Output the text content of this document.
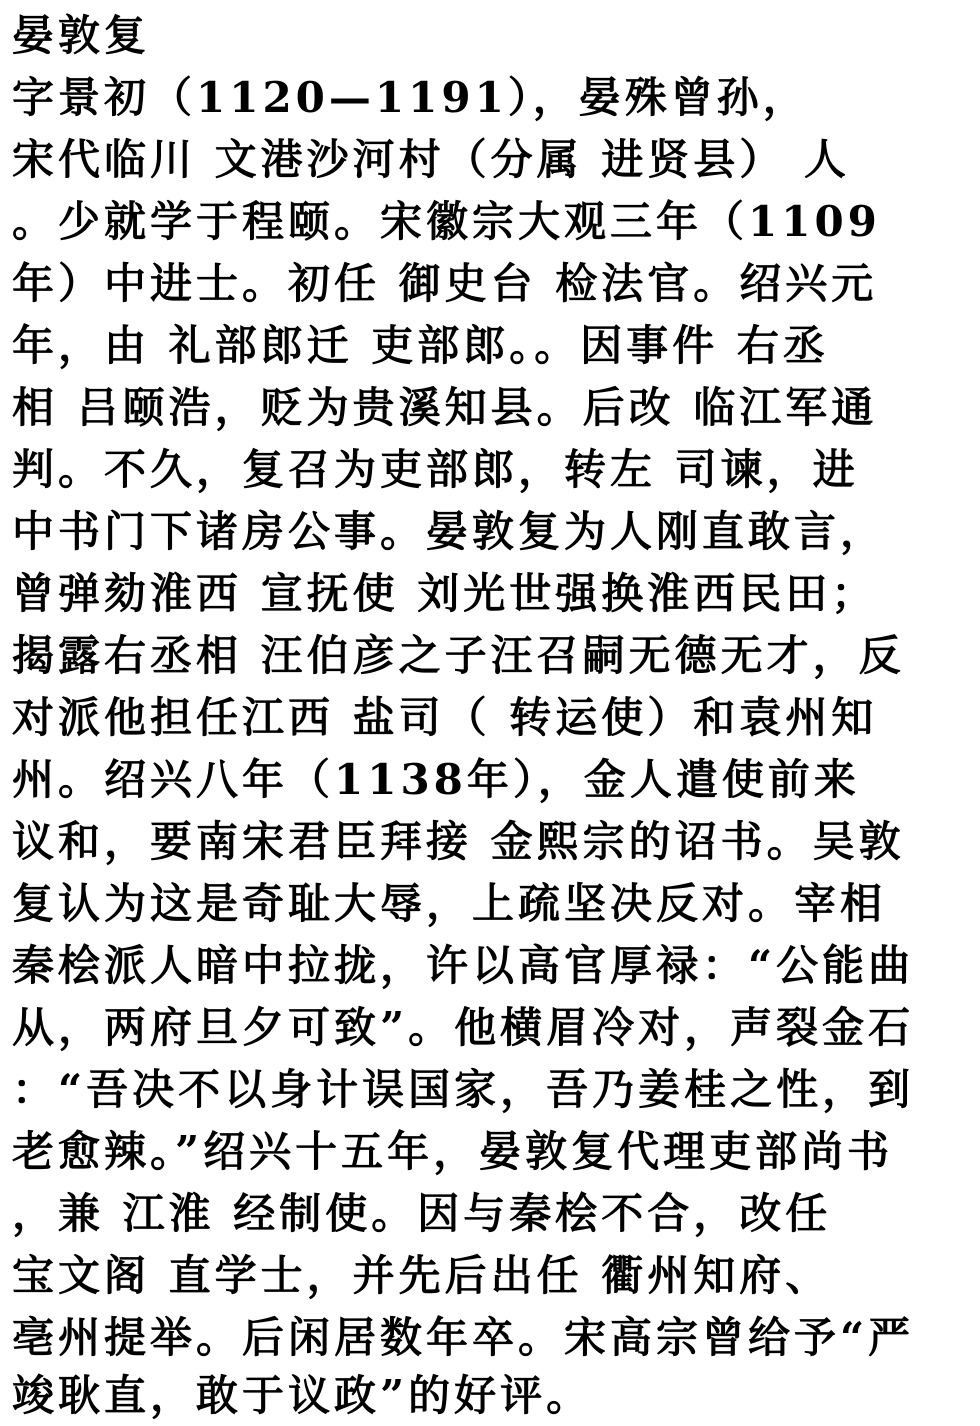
晏敦复
字景初（1120—1191），晏殊曾孙，
宋代临川 文港沙河村（分属 进贤县） 人
。少就学于程颐。宋徽宗大观三年（1109
年）中进士。初任 御史台 检法官。绍兴元
年，由 礼部郎迁 吏部郎。。因事件 右丞
相 吕颐浩，贬为贵溪知县。后改 临江军通
判。不久，复召为吏部郎，转左 司谏，进
中书门下诸房公事。晏敦复为人刚直敢言，
曾弹劾淮西 宣抚使 刘光世强换淮西民田；
揭露右丞相 汪伯彦之子汪召嗣无德无才，反
对派他担任江西 盐司（ 转运使）和袁州知
州。绍兴八年（1138年），金人遣使前来
议和，要南宋君臣拜接 金熙宗的诏书。吴敦
复认为这是奇耻大辱，上疏坚决反对。宰相
秦桧派人暗中拉拢，许以高官厚禄：“公能曲
从，两府旦夕可致”。他横眉冷对，声裂金石
：“吾决不以身计误国家，吾乃姜桂之性，到
老愈辣。”绍兴十五年，晏敦复代理吏部尚书
，兼 江淮 经制使。因与秦桧不合，改任
宝文阁 直学士，并先后出任 衢州知府、
亳州提举。后闲居数年卒。宋高宗曾给予“严
竣耿直，敢于议政”的好评。
